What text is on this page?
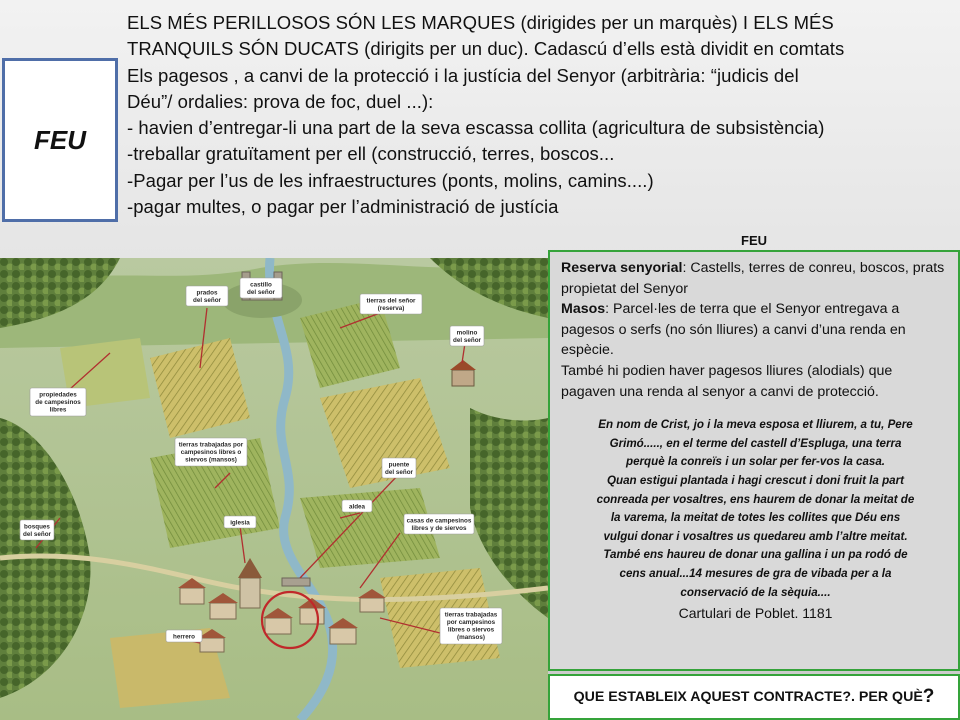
FEU
ELS MÉS PERILLOSOS SÓN LES MARQUES (dirigides per un marquès) I ELS MÉS
TRANQUILS SÓN DUCATS (dirigits per un duc). Cadascú d’ells està dividit en comtats
Els pagesos , a canvi de la protecció i la justícia del Senyor (arbitrària: “judicis del
Déu”/ ordalies: prova de foc, duel ...):
- havien d’entregar-li una part de la seva escassa collita (agricultura de subsistència)
-treballar gratuïtament per ell (construcció, terres, boscos...
-Pagar per l’us de les infraestructures (ponts, molins, camins....)
-pagar multes, o pagar per l’administració de justícia
castillo
del señor
prados
del señor	tierras del señor
(reserva)
molino
del señor
propiedades
de campesinos
libres
tierras trabajadas por
campesinos libres o
siervos (mansos)
puente
del señor
aldea
iglesia	casas de campesinos
libres y de siervos
bosques
del señor
tierras trabajadas
por campesinos
libres o siervos
(mansos)
herrero
FEU
Reserva senyorial: Castells, terres de conreu, boscos, prats propietat del Senyor
Masos: Parcel·les de terra que el Senyor entregava a pagesos o serfs (no són lliures) a canvi d’una renda en espècie.
També hi podien haver pagesos lliures (alodials) que pagaven una renda al senyor a canvi de protecció.
En nom de Crist, jo i la meva esposa et lliurem, a tu, Pere
Grimó....., en el terme del castell d’Espluga, una terra
perquè la conreïs i un solar per fer-vos la casa.
Quan estigui plantada i hagi crescut i doni fruit la part
conreada per vosaltres, ens haurem de donar la meitat de
la varema, la meitat de totes les collites que Déu ens
vulgui donar i vosaltres us quedareu amb l’altre meitat.
També ens haureu de donar una gallina i un pa rodó de
cens anual...14 mesures de gra de vibada per a la
conservació de la sèquia....
Cartulari de Poblet. 1181
QUE ESTABLEIX AQUEST CONTRACTE?. PER QUÈ ?
